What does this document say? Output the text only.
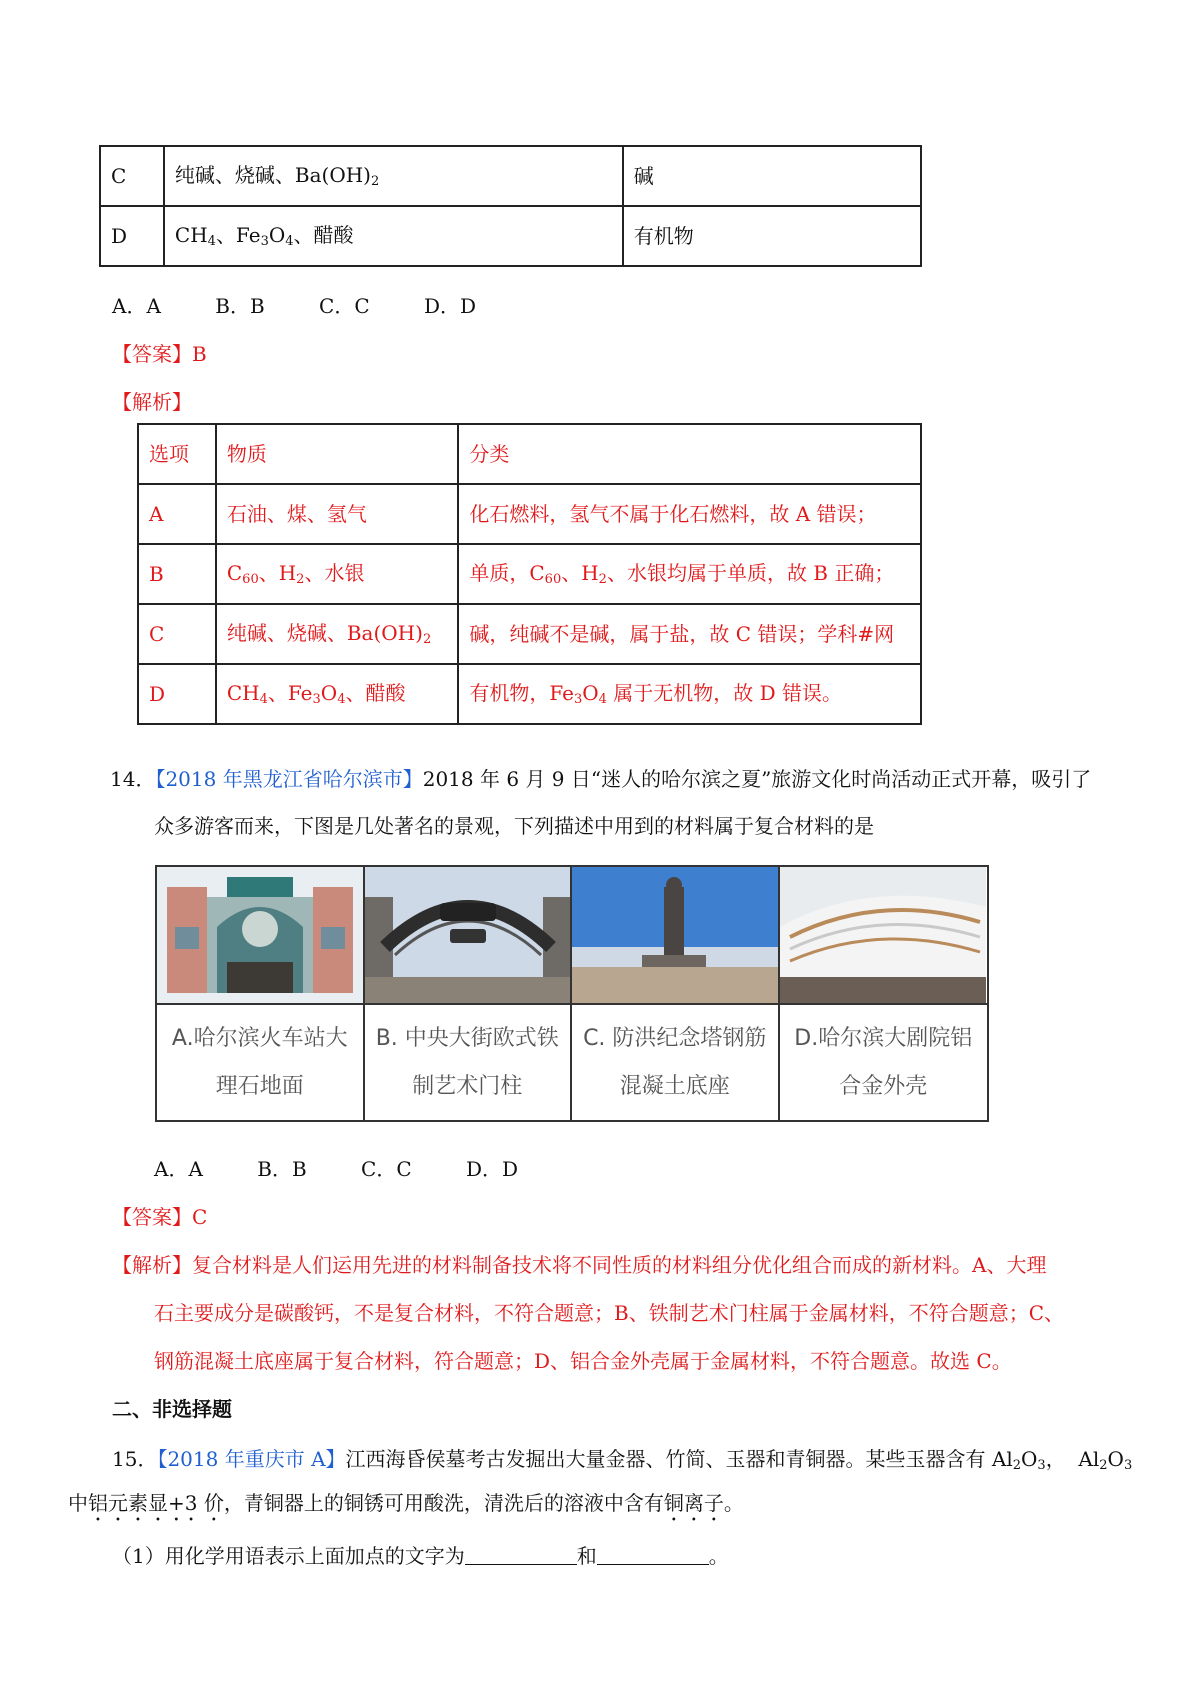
C	纯碱、烧碱、$Ba(OH)_2$	碱
D	$CH_4$、$Fe_3O_4$、醋酸	有机物
A．A	B．B	C．C	D．D
【答案】B
【解析】
选项	物质	分类
A	石油、煤、氢气	化石燃料，氢气不属于化石燃料，故 A 错误；
B	$C_{60}$、$H_2$、水银	单质，$C_{60}$、$H_2$、水银均属于单质，故 B 正确；
C	纯碱、烧碱、$Ba(OH)_2$	碱，纯碱不是碱，属于盐，故 C 错误；学科#网
D	$CH_4$、$Fe_3O_4$、醋酸	有机物，$Fe_3O_4$ 属于无机物，故 D 错误。
14．【2018 年黑龙江省哈尔滨市】2018 年 6 月 9 日“迷人的哈尔滨之夏”旅游文化时尚活动正式开幕，吸引了
众多游客而来，下图是几处著名的景观，下列描述中用到的材料属于复合材料的是
A.哈尔滨火车站大
理石地面
B. 中央大街欧式铁
制艺术门柱
C. 防洪纪念塔钢筋
混凝土底座
D.哈尔滨大剧院铝
合金外壳
A．A	B．B	C．C	D．D
【答案】C
【解析】复合材料是人们运用先进的材料制备技术将不同性质的材料组分优化组合而成的新材料。A、大理
石主要成分是碳酸钙，不是复合材料，不符合题意；B、铁制艺术门柱属于金属材料，不符合题意；C、
钢筋混凝土底座属于复合材料，符合题意；D、铝合金外壳属于金属材料，不符合题意。故选 C。
二、非选择题
15．【2018 年重庆市 A】江西海昏侯墓考古发掘出大量金器、竹简、玉器和青铜器。某些玉器含有 $Al_2O_3$，  $Al_2O_3$
中铝元素显+3 价，青铜器上的铜锈可用酸洗，清洗后的溶液中含有铜离子。
（1）用化学用语表示上面加点的文字为	和	。
